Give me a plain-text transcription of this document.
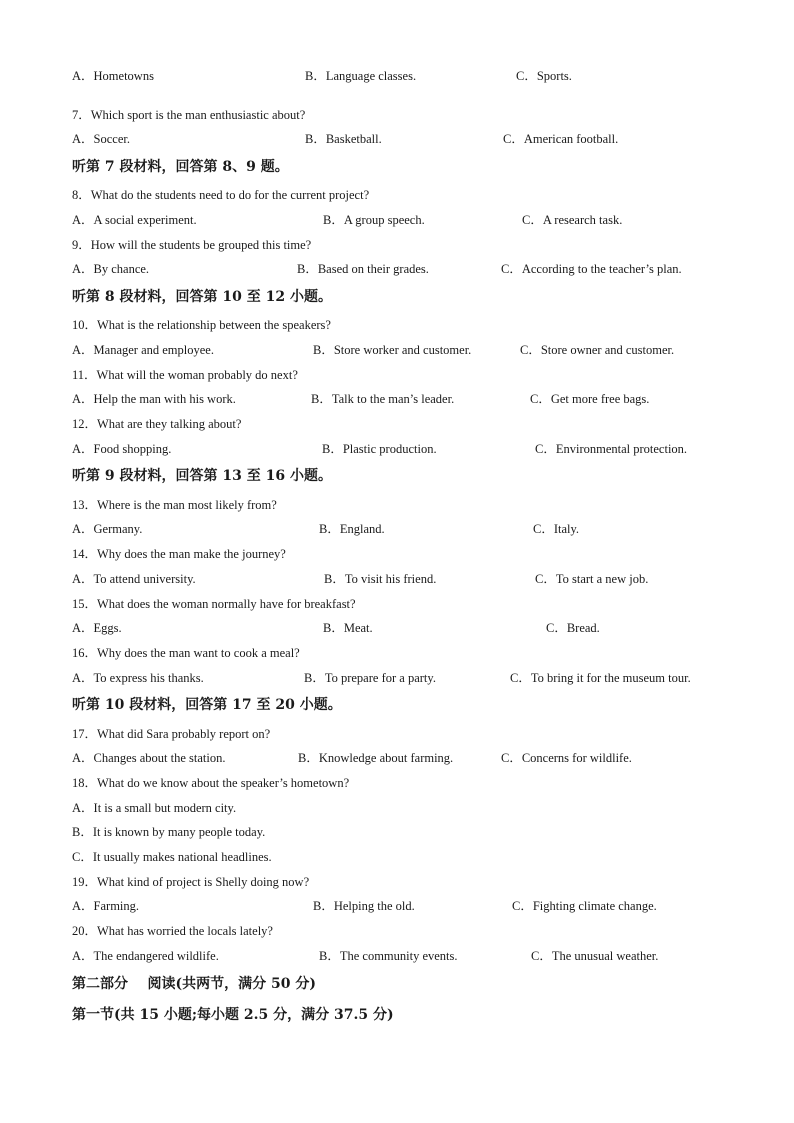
A．Hometowns	B．Language classes.	C．Sports.
7．Which sport is the man enthusiastic about?
A．Soccer.	B．Basketball.	C．American football.
听第 7 段材料，回答第 8、9 题。
8．What do the students need to do for the current project?
A．A social experiment.	B．A group speech.	C．A research task.
9．How will the students be grouped this time?
A．By chance.	B．Based on their grades.	C．According to the teacher’s plan.
听第 8 段材料，回答第 10 至 12 小题。
10．What is the relationship between the speakers?
A．Manager and employee.	B．Store worker and customer.	C．Store owner and customer.
11．What will the woman probably do next?
A．Help the man with his work.	B．Talk to the man’s leader.	C．Get more free bags.
12．What are they talking about?
A．Food shopping.	B．Plastic production.	C．Environmental protection.
听第 9 段材料，回答第 13 至 16 小题。
13．Where is the man most likely from?
A．Germany.	B．England.	C．Italy.
14．Why does the man make the journey?
A．To attend university.	B．To visit his friend.	C．To start a new job.
15．What does the woman normally have for breakfast?
A．Eggs.	B．Meat.	C．Bread.
16．Why does the man want to cook a meal?
A．To express his thanks.	B．To prepare for a party.	C．To bring it for the museum tour.
听第 10 段材料，回答第 17 至 20 小题。
17．What did Sara probably report on?
A．Changes about the station.	B．Knowledge about farming.	C．Concerns for wildlife.
18．What do we know about the speaker’s hometown?
A．It is a small but modern city.
B．It is known by many people today.
C．It usually makes national headlines.
19．What kind of project is Shelly doing now?
A．Farming.	B．Helping the old.	C．Fighting climate change.
20．What has worried the locals lately?
A．The endangered wildlife.	B．The community events.	C．The unusual weather.
第二部分    阅读(共两节，满分 50 分)
第一节(共 15 小题;每小题 2.5 分，满分 37.5 分)
